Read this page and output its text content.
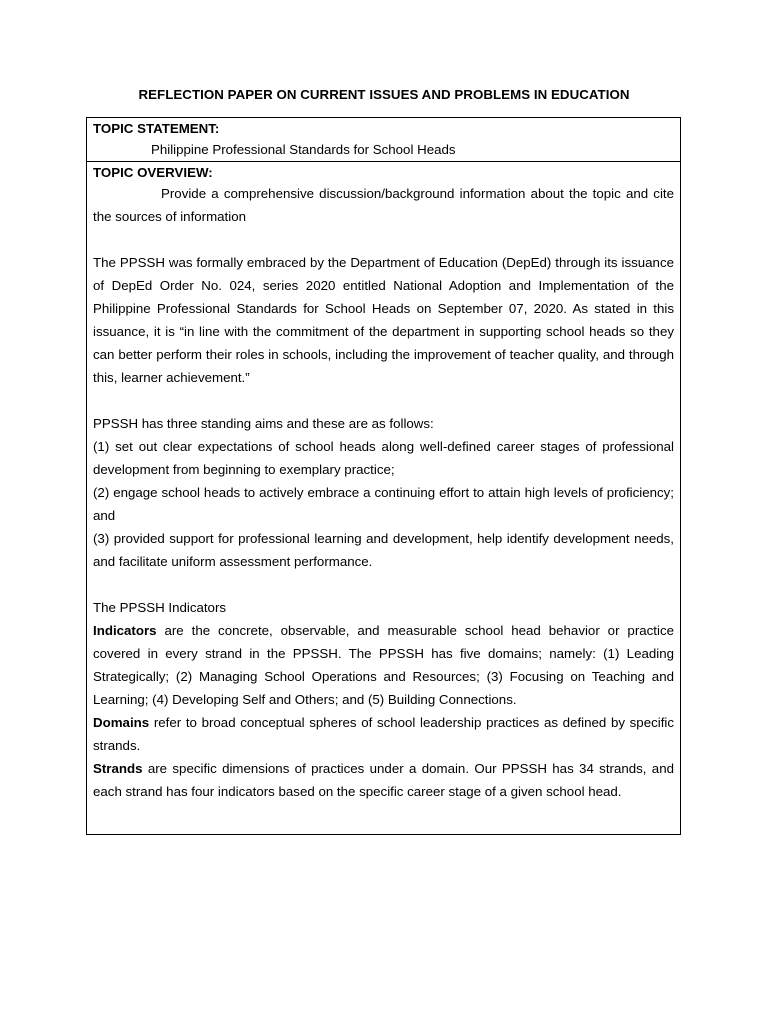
REFLECTION PAPER ON CURRENT ISSUES AND PROBLEMS IN EDUCATION
TOPIC STATEMENT:
Philippine Professional Standards for School Heads
TOPIC OVERVIEW:

Provide a comprehensive discussion/background information about the topic and cite the sources of information

The PPSSH was formally embraced by the Department of Education (DepEd) through its issuance of DepEd Order No. 024, series 2020 entitled National Adoption and Implementation of the Philippine Professional Standards for School Heads on September 07, 2020. As stated in this issuance, it is “in line with the commitment of the department in supporting school heads so they can better perform their roles in schools, including the improvement of teacher quality, and through this, learner achievement.”

PPSSH has three standing aims and these are as follows:

(1) set out clear expectations of school heads along well-defined career stages of professional development from beginning to exemplary practice;

(2) engage school heads to actively embrace a continuing effort to attain high levels of proficiency; and

(3) provided support for professional learning and development, help identify development needs, and facilitate uniform assessment performance.

The PPSSH Indicators

Indicators are the concrete, observable, and measurable school head behavior or practice covered in every strand in the PPSSH. The PPSSH has five domains; namely: (1) Leading Strategically; (2) Managing School Operations and Resources; (3) Focusing on Teaching and Learning; (4) Developing Self and Others; and (5) Building Connections.

Domains refer to broad conceptual spheres of school leadership practices as defined by specific strands.

Strands are specific dimensions of practices under a domain. Our PPSSH has 34 strands, and each strand has four indicators based on the specific career stage of a given school head.
